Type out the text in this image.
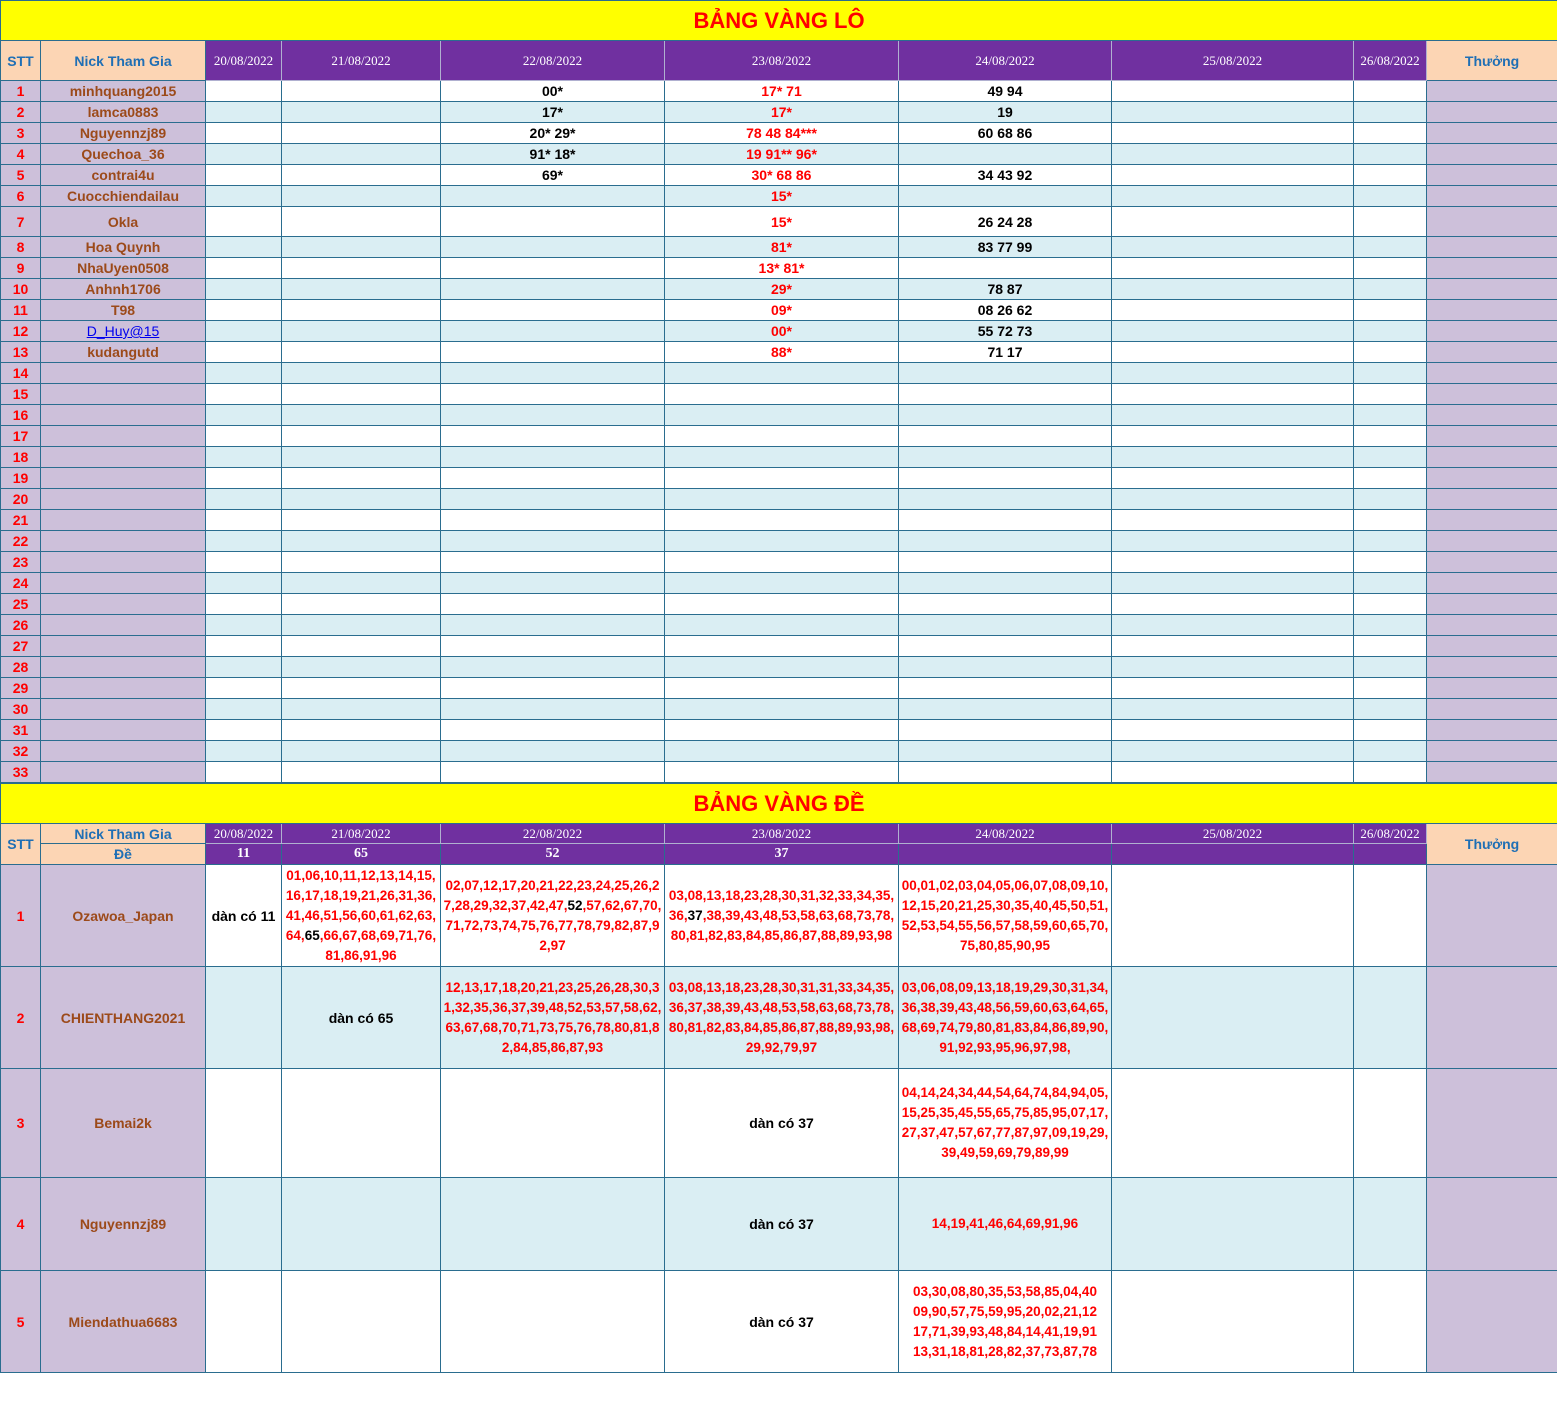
BẢNG VÀNG LÔ									
STT	Nick Tham Gia	20/08/2022	21/08/2022	22/08/2022	23/08/2022	24/08/2022	25/08/2022	26/08/2022	Thưởng
1	minhquang2015			00*	17* 71	49 94			
2	lamca0883			17*	17*	19			
3	Nguyennzj89			20* 29*	78 48 84***	60 68 86			
4	Quechoa_36			91* 18*	19 91** 96*				
5	contrai4u			69*	30* 68 86	34 43 92			
6	Cuocchiendailau				15*				
7	Okla				15*	26 24 28			
8	Hoa Quynh				81*	83 77 99			
9	NhaUyen0508				13* 81*				
10	Anhnh1706				29*	78 87			
11	T98				09*	08 26 62			
12	D_Huy@15				00*	55 72 73			
13	kudangutd				88*	71 17			
14									
15									
16									
17									
18									
19									
20									
21									
22									
23									
24									
25									
26									
27									
28									
29									
30									
31									
32									
33									
BẢNG VÀNG ĐỀ									
STT	Nick Tham Gia	20/08/2022	21/08/2022	22/08/2022	23/08/2022	24/08/2022	25/08/2022	26/08/2022	Thưởng
	Đề	11	65	52	37				
1	Ozawoa_Japan	dàn có 11	01,06,10,11,12,13,14,15,16,17,18,19,21,26,31,36,41,46,51,56,60,61,62,63,64,65,66,67,68,69,71,76,81,86,91,96	02,07,12,17,20,21,22,23,24,25,26,27,28,29,32,37,42,47,52,57,62,67,70,71,72,73,74,75,76,77,78,79,82,87,92,97	03,08,13,18,23,28,30,31,32,33,34,35,36,37,38,39,43,48,53,58,63,68,73,78,80,81,82,83,84,85,86,87,88,89,93,98	00,01,02,03,04,05,06,07,08,09,10,12,15,20,21,25,30,35,40,45,50,51,52,53,54,55,56,57,58,59,60,65,70,75,80,85,90,95			
2	CHIENTHANG2021		dàn có 65	12,13,17,18,20,21,23,25,26,28,30,31,32,35,36,37,39,48,52,53,57,58,62,63,67,68,70,71,73,75,76,78,80,81,82,84,85,86,87,93	03,08,13,18,23,28,30,31,31,33,34,35,36,37,38,39,43,48,53,58,63,68,73,78,80,81,82,83,84,85,86,87,88,89,93,98,29,92,79,97	03,06,08,09,13,18,19,29,30,31,34,36,38,39,43,48,56,59,60,63,64,65,68,69,74,79,80,81,83,84,86,89,90,91,92,93,95,96,97,98,			
3	Bemai2k				dàn có 37	04,14,24,34,44,54,64,74,84,94,05,15,25,35,45,55,65,75,85,95,07,17,27,37,47,57,67,77,87,97,09,19,29,39,49,59,69,79,89,99			
4	Nguyennzj89				dàn có 37	14,19,41,46,64,69,91,96			
5	Miendathua6683				dàn có 37	03,30,08,80,35,53,58,85,04,40 09,90,57,75,59,95,20,02,21,12 17,71,39,93,48,84,14,41,19,91 13,31,18,81,28,82,37,73,87,78			
